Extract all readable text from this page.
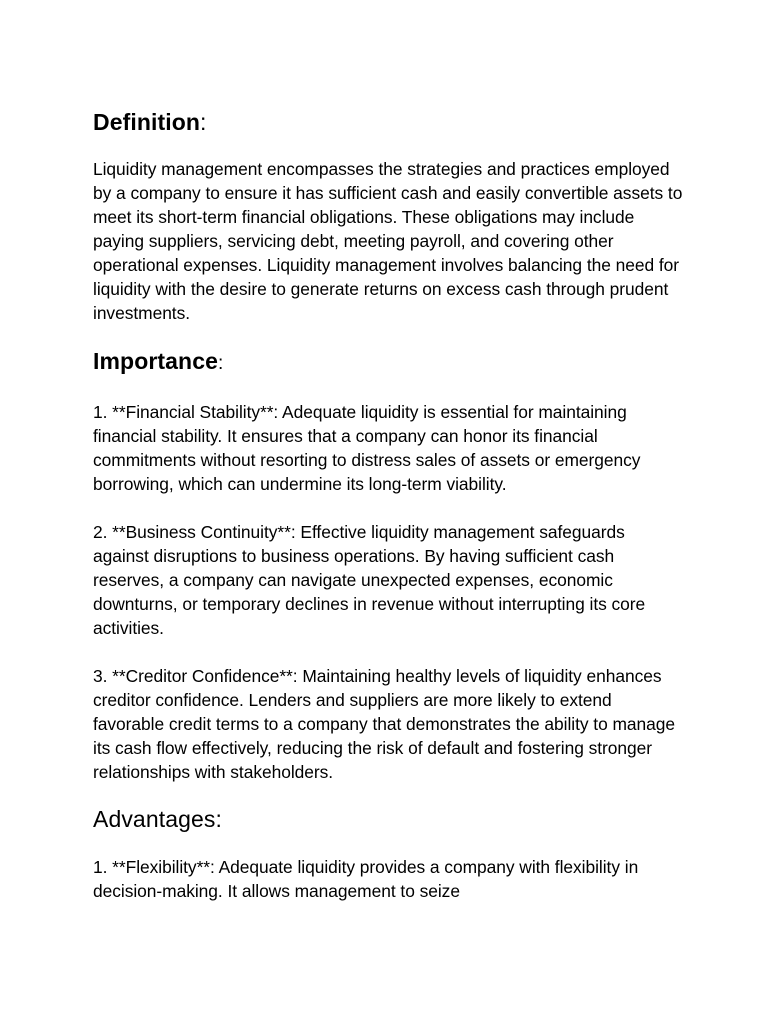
Definition:

Liquidity management encompasses the strategies and practices employed by a company to ensure it has sufficient cash and easily convertible assets to meet its short-term financial obligations. These obligations may include paying suppliers, servicing debt, meeting payroll, and covering other operational expenses. Liquidity management involves balancing the need for liquidity with the desire to generate returns on excess cash through prudent investments.

Importance:

1. **Financial Stability**: Adequate liquidity is essential for maintaining financial stability. It ensures that a company can honor its financial commitments without resorting to distress sales of assets or emergency borrowing, which can undermine its long-term viability.

2. **Business Continuity**: Effective liquidity management safeguards against disruptions to business operations. By having sufficient cash reserves, a company can navigate unexpected expenses, economic downturns, or temporary declines in revenue without interrupting its core activities.

3. **Creditor Confidence**: Maintaining healthy levels of liquidity enhances creditor confidence. Lenders and suppliers are more likely to extend favorable credit terms to a company that demonstrates the ability to manage its cash flow effectively, reducing the risk of default and fostering stronger relationships with stakeholders.

Advantages:

1. **Flexibility**: Adequate liquidity provides a company with flexibility in decision-making. It allows management to seize
